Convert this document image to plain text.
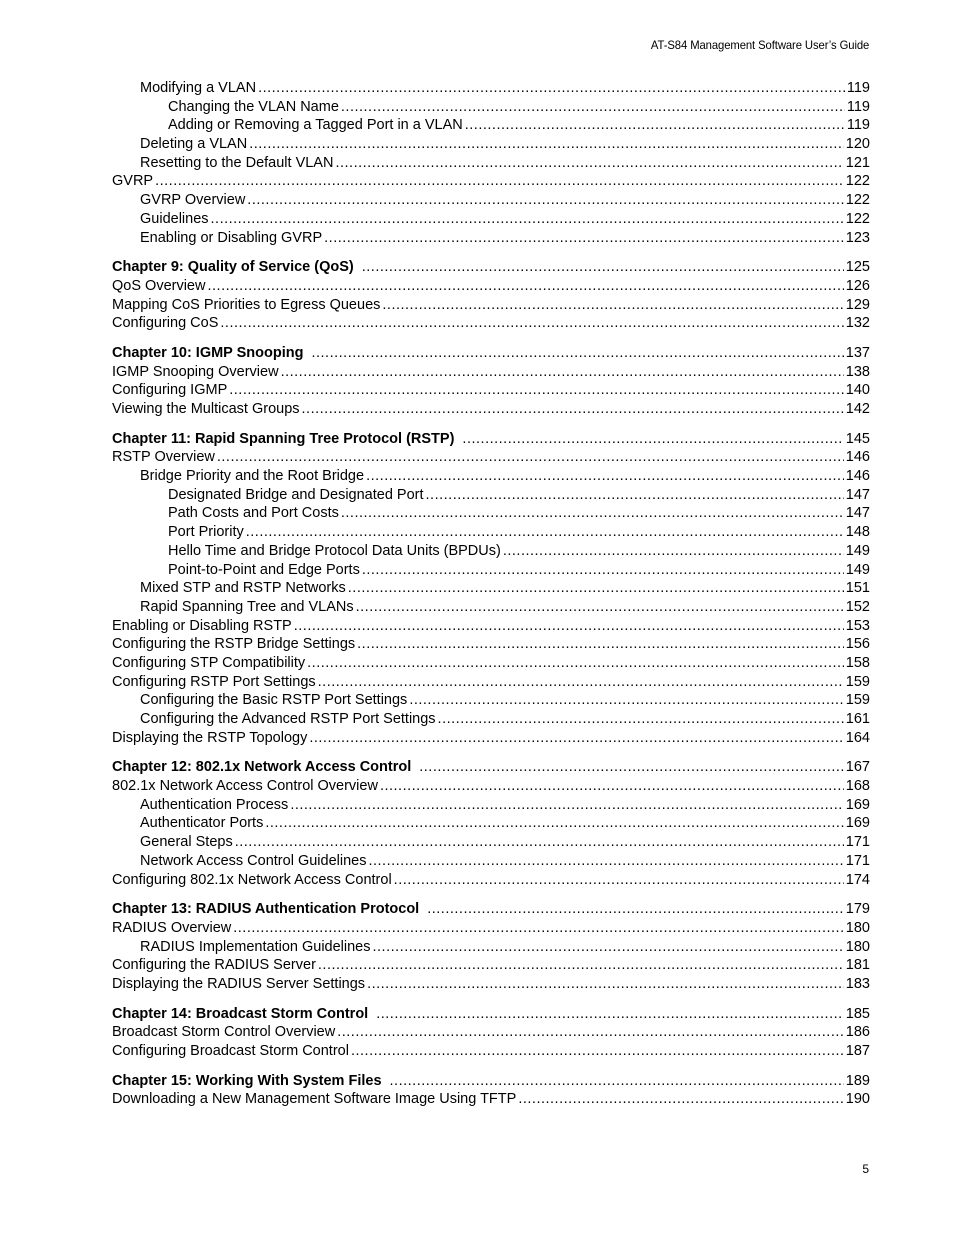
AT-S84 Management Software User’s Guide
Modifying a VLAN .....	119
Changing the VLAN Name .....	119
Adding or Removing a Tagged Port in a VLAN .....	119
Deleting a VLAN .....	120
Resetting to the Default VLAN .....	121
GVRP .....	122
GVRP Overview .....	122
Guidelines .....	122
Enabling or Disabling GVRP .....	123
Chapter 9: Quality of Service (QoS) .....	125
QoS Overview .....	126
Mapping CoS Priorities to Egress Queues .....	129
Configuring CoS .....	132
Chapter 10: IGMP Snooping .....	137
IGMP Snooping Overview .....	138
Configuring IGMP .....	140
Viewing the Multicast Groups .....	142
Chapter 11: Rapid Spanning Tree Protocol (RSTP) .....	145
RSTP Overview .....	146
Bridge Priority and the Root Bridge .....	146
Designated Bridge and Designated Port .....	147
Path Costs and Port Costs .....	147
Port Priority .....	148
Hello Time and Bridge Protocol Data Units (BPDUs) .....	149
Point-to-Point and Edge Ports .....	149
Mixed STP and RSTP Networks .....	151
Rapid Spanning Tree and VLANs .....	152
Enabling or Disabling RSTP .....	153
Configuring the RSTP Bridge Settings .....	156
Configuring STP Compatibility .....	158
Configuring RSTP Port Settings .....	159
Configuring the Basic RSTP Port Settings .....	159
Configuring the Advanced RSTP Port Settings .....	161
Displaying the RSTP Topology .....	164
Chapter 12: 802.1x Network Access Control .....	167
802.1x Network Access Control Overview .....	168
Authentication Process .....	169
Authenticator Ports .....	169
General Steps .....	171
Network Access Control Guidelines .....	171
Configuring 802.1x Network Access Control .....	174
Chapter 13: RADIUS Authentication Protocol .....	179
RADIUS Overview .....	180
RADIUS Implementation Guidelines .....	180
Configuring the RADIUS Server .....	181
Displaying the RADIUS Server Settings .....	183
Chapter 14: Broadcast Storm Control .....	185
Broadcast Storm Control Overview .....	186
Configuring Broadcast Storm Control .....	187
Chapter 15: Working With System Files .....	189
Downloading a New Management Software Image Using TFTP .....	190
5
